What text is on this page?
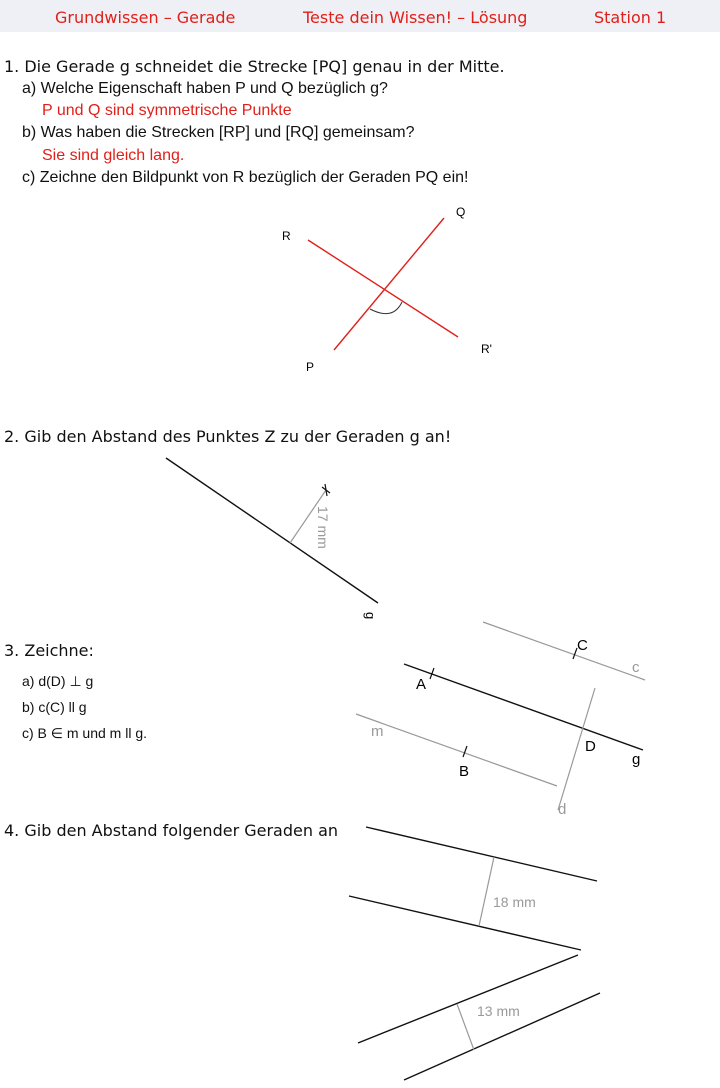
Grundwissen – Gerade	Teste dein Wissen! – Lösung	Station 1
1. Die Gerade g schneidet die Strecke [PQ] genau in der Mitte.
a) Welche Eigenschaft haben P und Q bezüglich g?
P und Q sind symmetrische Punkte
b) Was haben die Strecken [RP] und [RQ] gemeinsam?
Sie sind gleich lang.
c) Zeichne den Bildpunkt von R bezüglich der Geraden PQ ein!
2. Gib den Abstand des Punktes Z zu der Geraden g an!
3. Zeichne:
a) d(D) ⊥ g
b) c(C) ll g
c) B ∈ m und m ll g.
4. Gib den Abstand folgender Geraden an
Q
R
P
R'
17 mm
g
C
c
A
m
D
g
B
d
18 mm
13 mm
